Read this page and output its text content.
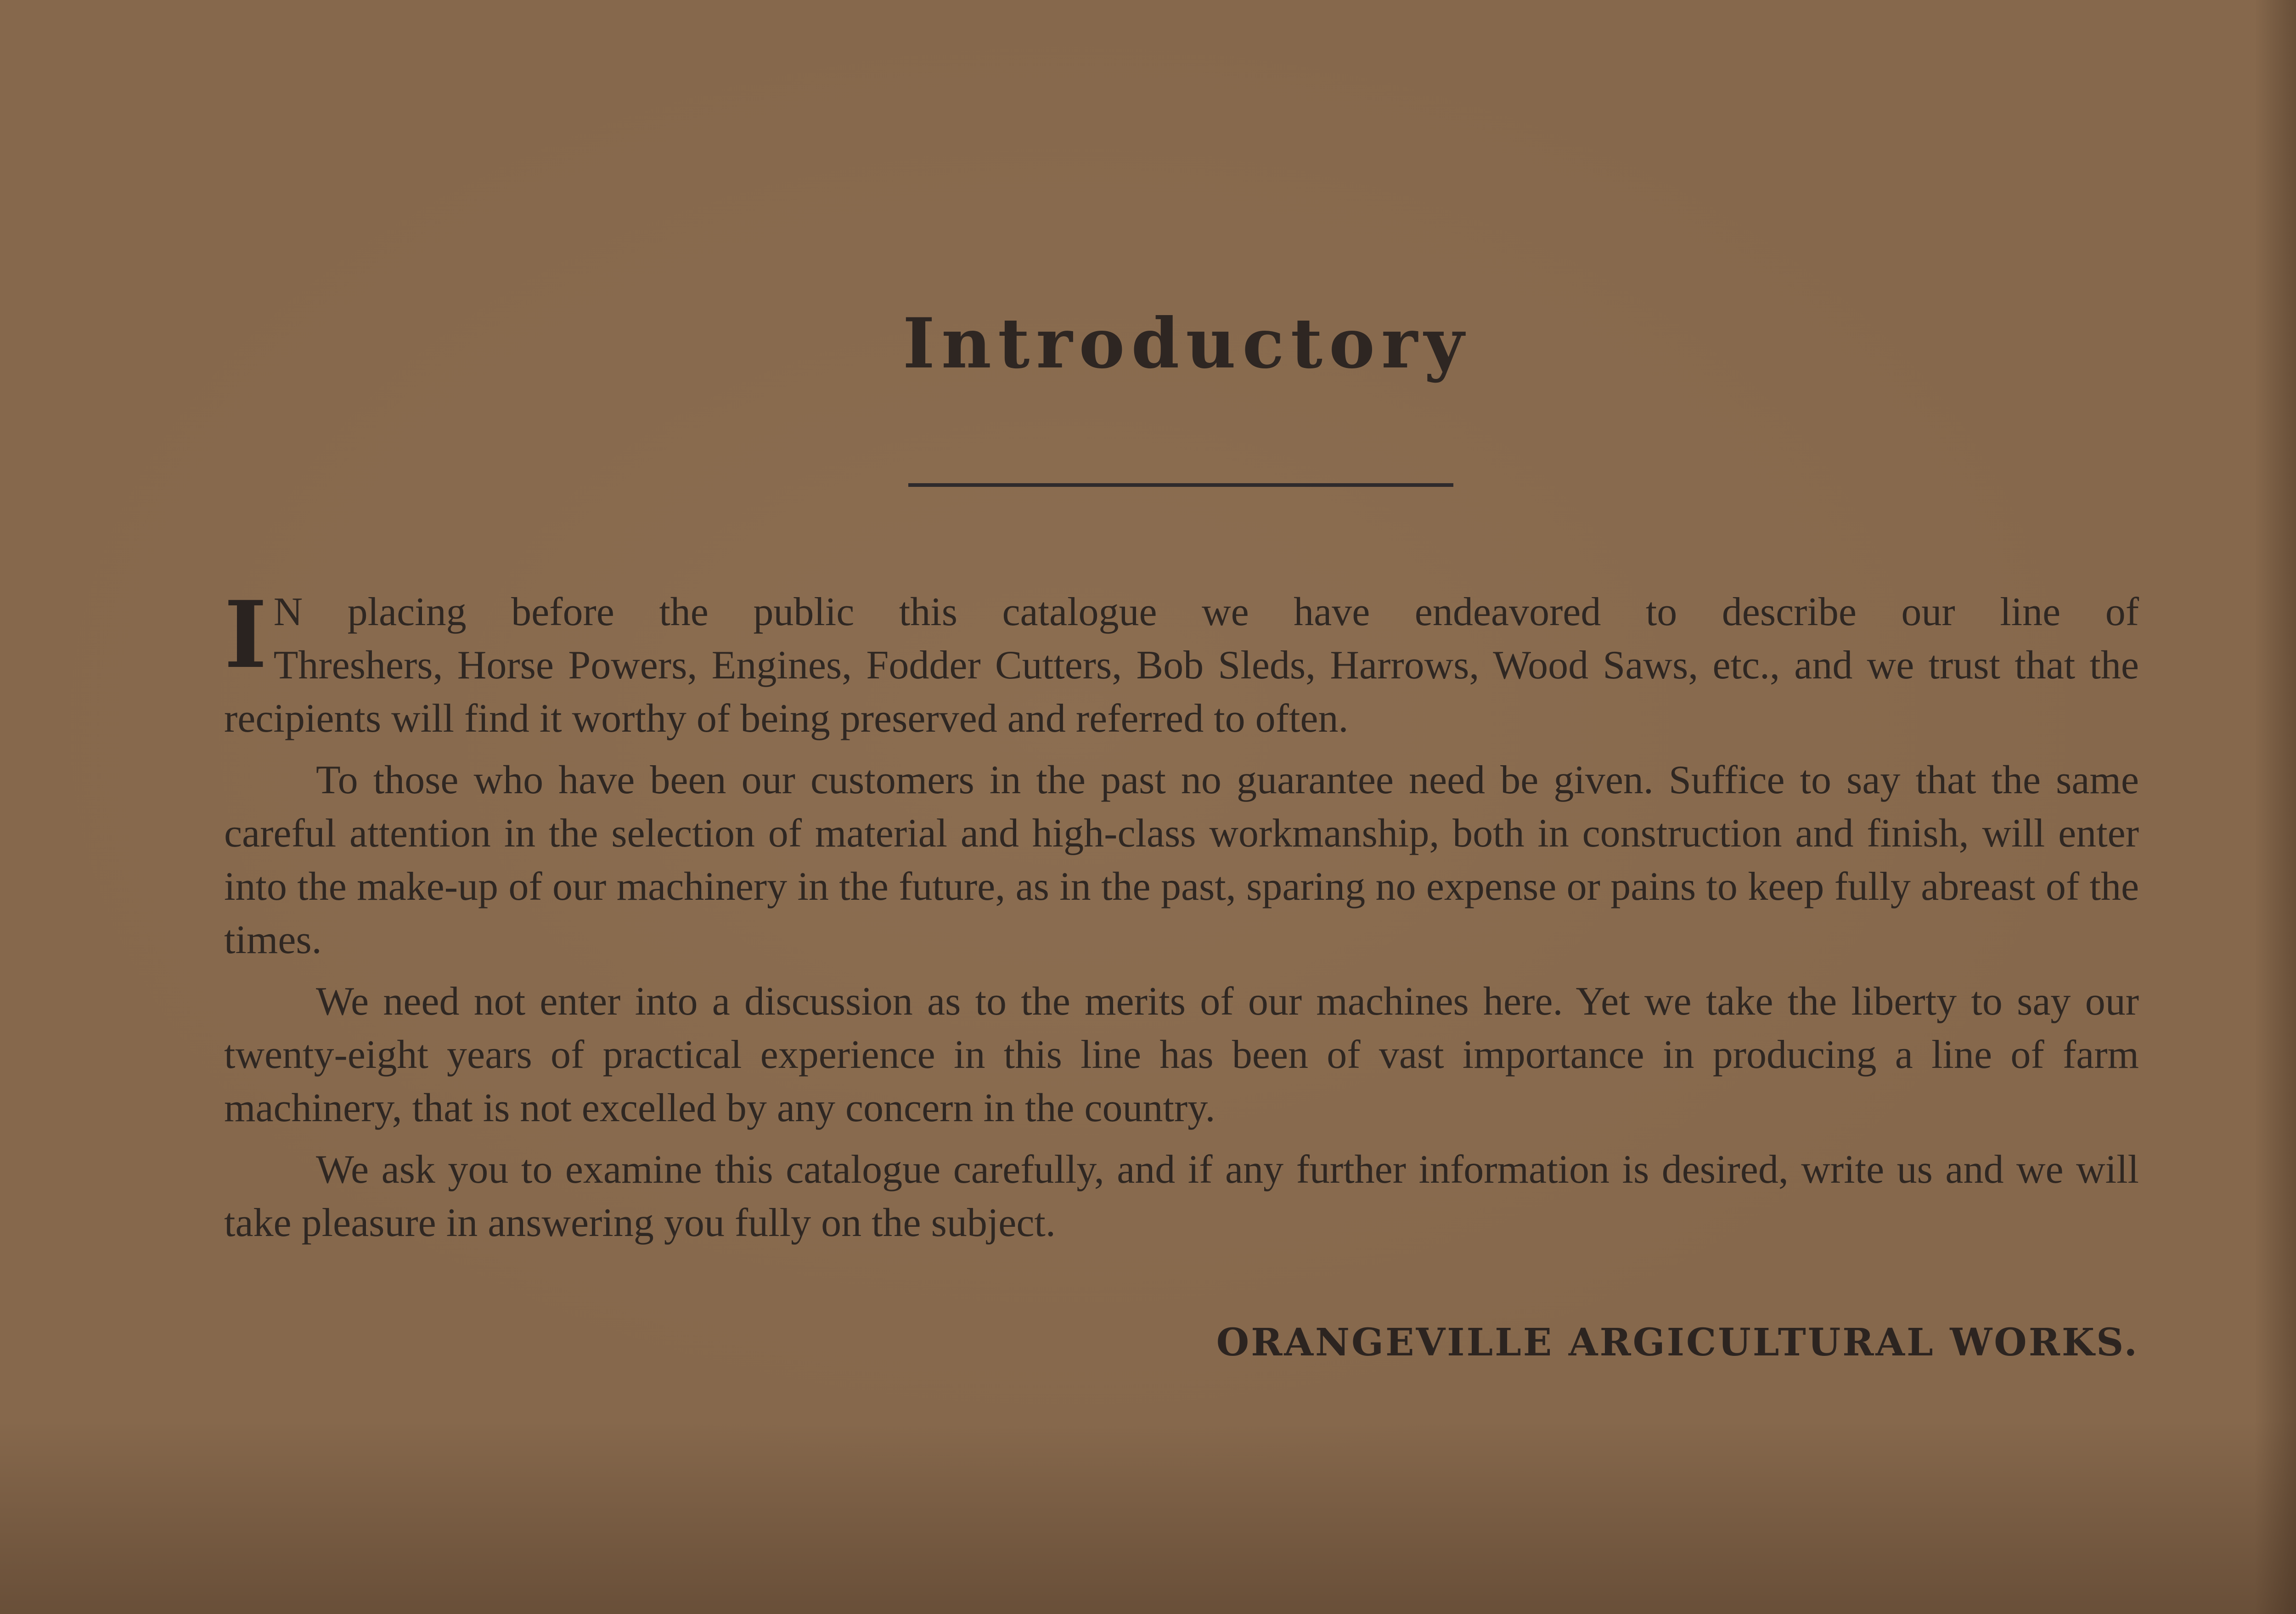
Introductory

I N placing before the public this catalogue we have endeavored to describe our line of
Threshers, Horse Powers, Engines, Fodder Cutters, Bob Sleds, Harrows, Wood Saws, etc., and we trust that the recipients will find it worthy of being preserved and referred to often.

To those who have been our customers in the past no guarantee need be given. Suffice to say that the same careful attention in the selection of material and high-class workmanship, both in construction and finish, will enter into the make-up of our machinery in the future, as in the past, sparing no expense or pains to keep fully abreast of the times.

We need not enter into a discussion as to the merits of our machines here. Yet we take the liberty to say our twenty-eight years of practical experience in this line has been of vast importance in producing a line of farm machinery, that is not excelled by any concern in the country.

We ask you to examine this catalogue carefully, and if any further information is desired, write us and we will take pleasure in answering you fully on the subject.

ORANGEVILLE ARGICULTURAL WORKS.
